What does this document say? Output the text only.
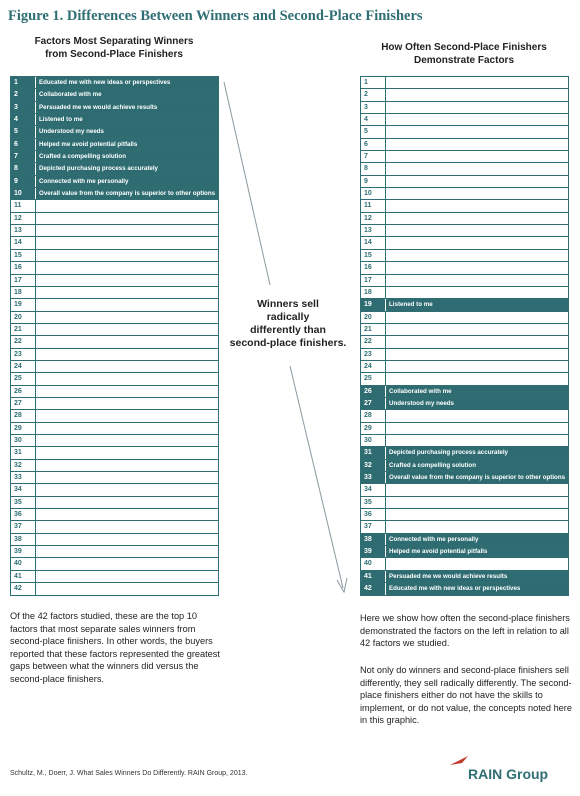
Figure 1. Differences Between Winners and Second-Place Finishers
Factors Most Separating Winners
from Second-Place Finishers
How Often Second-Place Finishers
Demonstrate Factors
1	Educated me with new ideas or perspectives
2	Collaborated with me
3	Persuaded me we would achieve results
4	Listened to me
5	Understood my needs
6	Helped me avoid potential pitfalls
7	Crafted a compelling solution
8	Depicted purchasing process accurately
9	Connected with me personally
10	Overall value from the company is superior to other options
11
12
13
14
15
16
17
18
19
20
21
22
23
24
25
26
27
28
29
30
31
32
33
34
35
36
37
38
39
40
41
42
1
2
3
4
5
6
7
8
9
10
11
12
13
14
15
16
17
18
19	Listened to me
20
21
22
23
24
25
26	Collaborated with me
27	Understood my needs
28
29
30
31	Depicted purchasing process accurately
32	Crafted a compelling solution
33	Overall value from the company is superior to other options
34
35
36
37
38	Connected with me personally
39	Helped me avoid potential pitfalls
40
41	Persuaded me we would achieve results
42	Educated me with new ideas or perspectives
Winners sell
radically
differently than
second-place finishers.
Of the 42 factors studied, these are the top 10 factors that most separate sales winners from second-place finishers. In other words, the buyers reported that these factors represented the greatest gaps between what the winners did versus the second-place finishers.
Here we show how often the second-place finishers demonstrated the factors on the left in relation to all 42 factors we studied.
Not only do winners and second-place finishers sell differently, they sell radically differently. The second-place finishers either do not have the skills to implement, or do not value, the concepts noted here in this graphic.
Schultz, M., Doerr, J. What Sales Winners Do Differently. RAIN Group, 2013.	RAIN Group
